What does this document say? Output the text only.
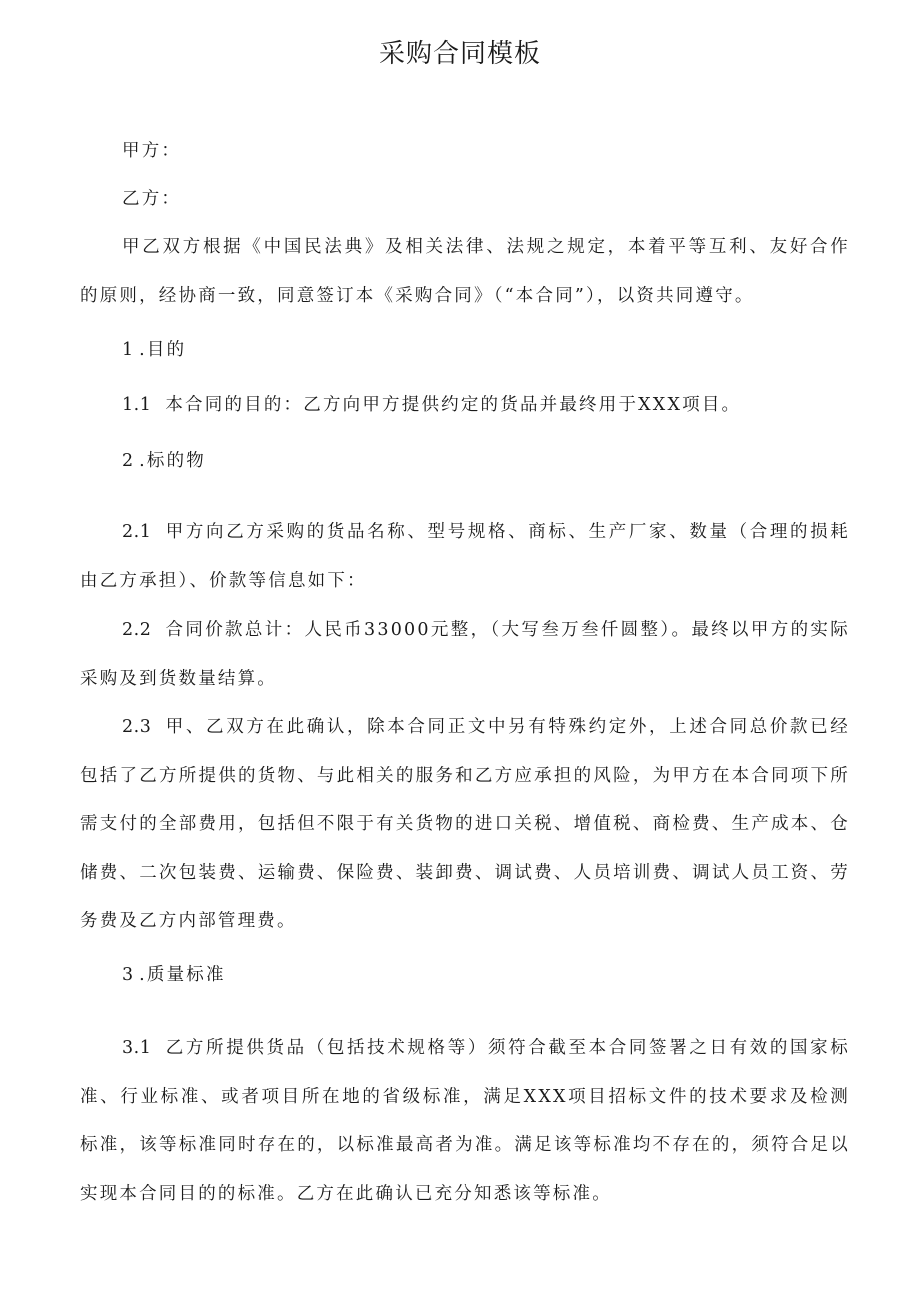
采购合同模板

甲方：

乙方：

甲乙双方根据《中国民法典》及相关法律、法规之规定，本着平等互利、友好合作的原则，经协商一致，同意签订本《采购合同》（“本合同”），以资共同遵守。

1 .目的

1.1 本合同的目的：乙方向甲方提供约定的货品并最终用于XXX项目。

2 .标的物

2.1 甲方向乙方采购的货品名称、型号规格、商标、生产厂家、数量（合理的损耗由乙方承担）、价款等信息如下：

2.2 合同价款总计：人民币33000元整，（大写叁万叁仟圆整）。最终以甲方的实际采购及到货数量结算。

2.3 甲、乙双方在此确认，除本合同正文中另有特殊约定外，上述合同总价款已经包括了乙方所提供的货物、与此相关的服务和乙方应承担的风险，为甲方在本合同项下所需支付的全部费用，包括但不限于有关货物的进口关税、增值税、商检费、生产成本、仓储费、二次包装费、运输费、保险费、装卸费、调试费、人员培训费、调试人员工资、劳务费及乙方内部管理费。

3 .质量标准

3.1 乙方所提供货品（包括技术规格等）须符合截至本合同签署之日有效的国家标准、行业标准、或者项目所在地的省级标准，满足XXX项目招标文件的技术要求及检测标准，该等标准同时存在的，以标准最高者为准。满足该等标准均不存在的，须符合足以实现本合同目的的标准。乙方在此确认已充分知悉该等标准。
